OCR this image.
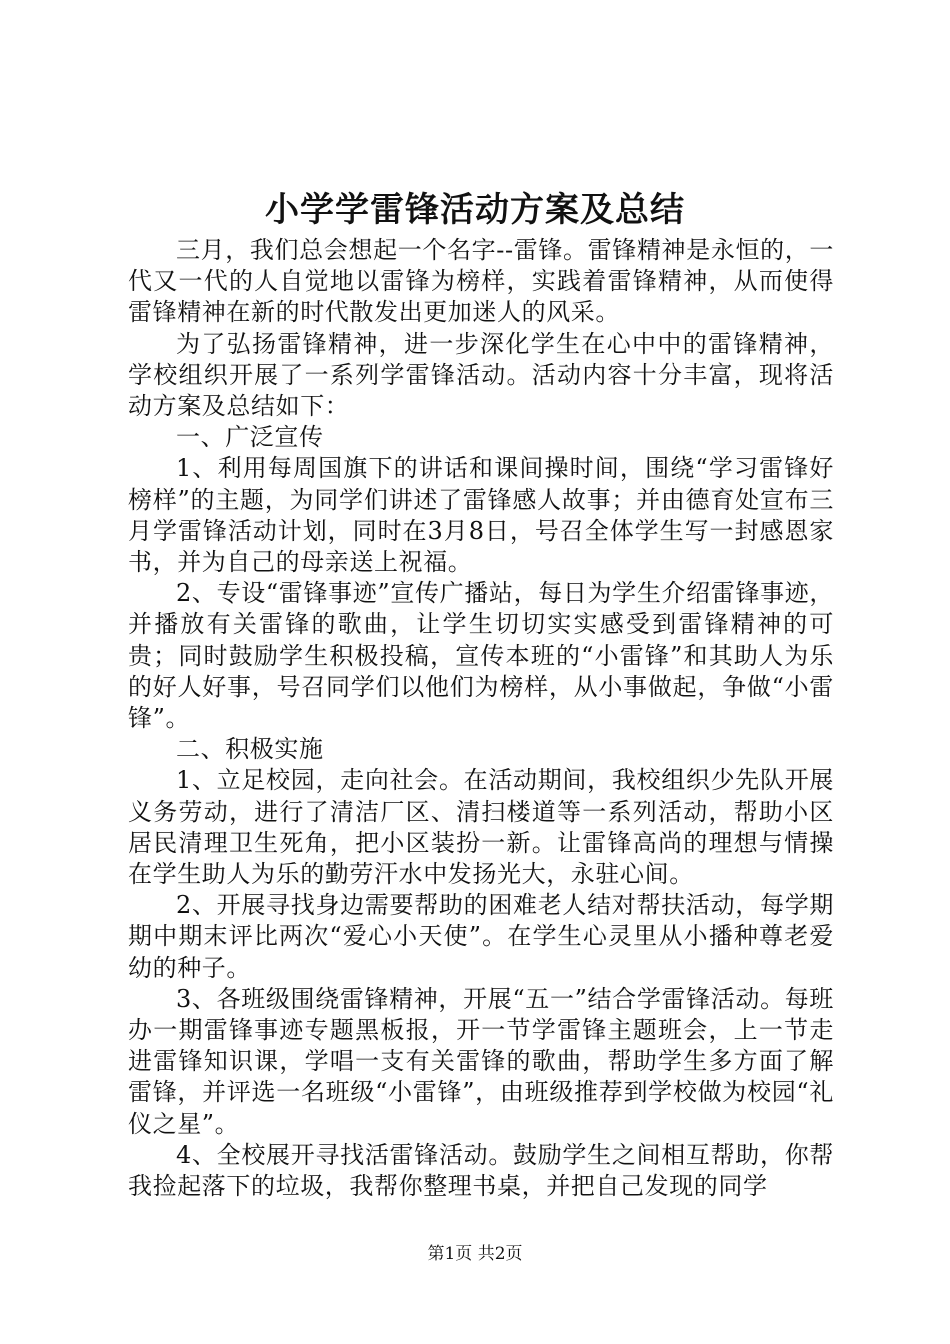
小学学雷锋活动方案及总结

三月，我们总会想起一个名字--雷锋。雷锋精神是永恒的，一代又一代的人自觉地以雷锋为榜样，实践着雷锋精神，从而使得雷锋精神在新的时代散发出更加迷人的风采。

为了弘扬雷锋精神，进一步深化学生在心中中的雷锋精神，学校组织开展了一系列学雷锋活动。活动内容十分丰富，现将活动方案及总结如下：

一、广泛宣传

1、利用每周国旗下的讲话和课间操时间，围绕“学习雷锋好榜样”的主题，为同学们讲述了雷锋感人故事；并由德育处宣布三月学雷锋活动计划，同时在3月8日，号召全体学生写一封感恩家书，并为自己的母亲送上祝福。

2、专设“雷锋事迹”宣传广播站，每日为学生介绍雷锋事迹，并播放有关雷锋的歌曲，让学生切切实实感受到雷锋精神的可贵；同时鼓励学生积极投稿，宣传本班的“小雷锋”和其助人为乐的好人好事，号召同学们以他们为榜样，从小事做起，争做“小雷锋”。

二、积极实施

1、立足校园，走向社会。在活动期间，我校组织少先队开展义务劳动，进行了清洁厂区、清扫楼道等一系列活动，帮助小区居民清理卫生死角，把小区装扮一新。让雷锋高尚的理想与情操在学生助人为乐的勤劳汗水中发扬光大，永驻心间。

2、开展寻找身边需要帮助的困难老人结对帮扶活动，每学期期中期末评比两次“爱心小天使”。在学生心灵里从小播种尊老爱幼的种子。

3、各班级围绕雷锋精神，开展“五一”结合学雷锋活动。每班办一期雷锋事迹专题黑板报，开一节学雷锋主题班会，上一节走进雷锋知识课，学唱一支有关雷锋的歌曲，帮助学生多方面了解雷锋，并评选一名班级“小雷锋”，由班级推荐到学校做为校园“礼仪之星”。

4、全校展开寻找活雷锋活动。鼓励学生之间相互帮助，你帮我捡起落下的垃圾，我帮你整理书桌，并把自己发现的同学

第1页 共2页
